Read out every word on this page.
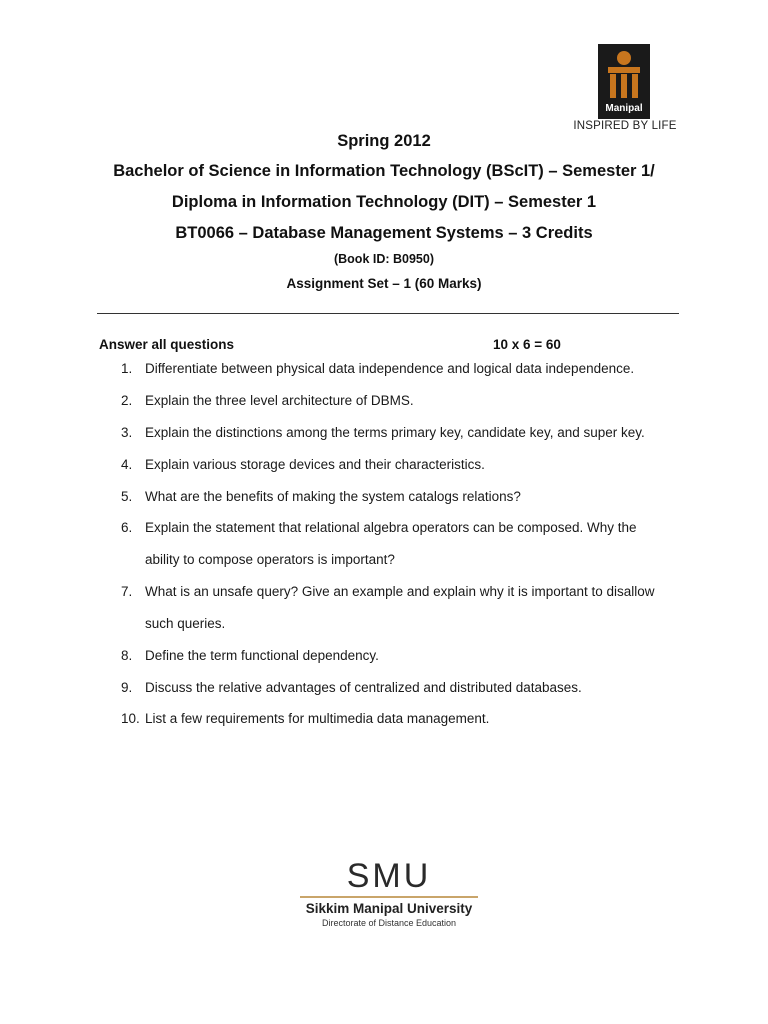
Manipal
INSPIRED BY LIFE
Spring 2012
Bachelor of Science in Information Technology (BScIT) – Semester 1/
Diploma in Information Technology (DIT) – Semester 1
BT0066 – Database Management Systems – 3 Credits
(Book ID: B0950)
Assignment Set – 1 (60 Marks)
Answer all questions	10 x 6 = 60
1. Differentiate between physical data independence and logical data independence.
2. Explain the three level architecture of DBMS.
3. Explain the distinctions among the terms primary key, candidate key, and super key.
4. Explain various storage devices and their characteristics.
5. What are the benefits of making the system catalogs relations?
6. Explain the statement that relational algebra operators can be composed. Why the
ability to compose operators is important?
7. What is an unsafe query? Give an example and explain why it is important to disallow
such queries.
8. Define the term functional dependency.
9. Discuss the relative advantages of centralized and distributed databases.
10. List a few requirements for multimedia data management.
SMU
Sikkim Manipal University
Directorate of Distance Education
